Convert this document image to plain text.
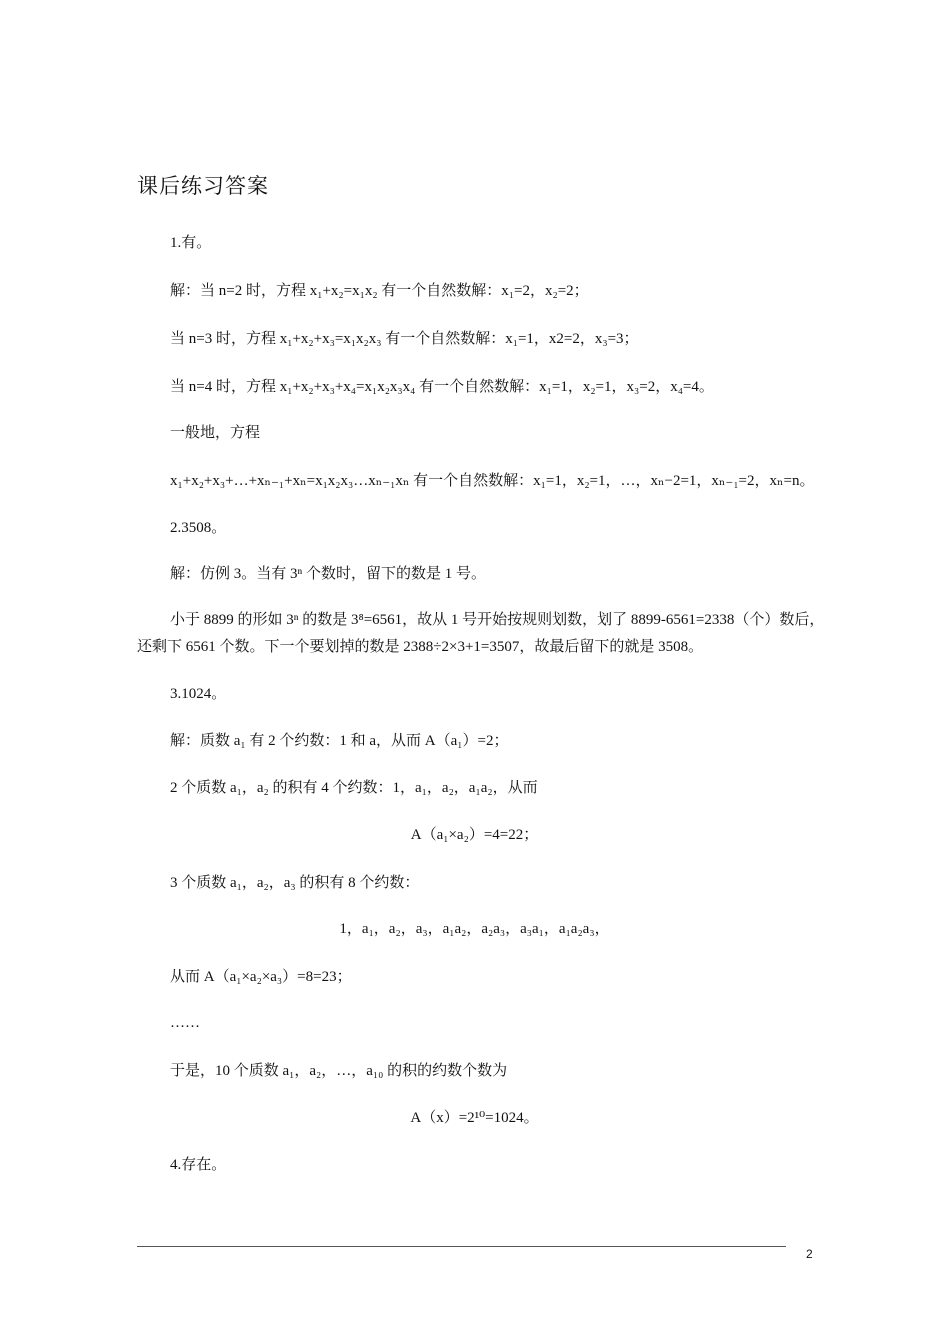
课后练习答案
1.有。
解：当 n=2 时，方程 x₁+x₂=x₁x₂ 有一个自然数解：x₁=2，x₂=2；
当 n=3 时，方程 x₁+x₂+x₃=x₁x₂x₃ 有一个自然数解：x₁=1，x2=2，x₃=3；
当 n=4 时，方程 x₁+x₂+x₃+x₄=x₁x₂x₃x₄ 有一个自然数解：x₁=1，x₂=1，x₃=2，x₄=4。
一般地，方程
x₁+x₂+x₃+…+xₙ₋₁+xₙ=x₁x₂x₃…xₙ₋₁xₙ 有一个自然数解：x₁=1，x₂=1，…，xₙ−2=1，xₙ₋₁=2，xₙ=n。
2.3508。
解：仿例 3。当有 3ⁿ 个数时，留下的数是 1 号。
小于 8899 的形如 3ⁿ 的数是 3⁸=6561，故从 1 号开始按规则划数，划了 8899-6561=2338（个）数后，还剩下 6561 个数。下一个要划掉的数是 2388÷2×3+1=3507，故最后留下的就是 3508。
3.1024。
解：质数 a₁ 有 2 个约数：1 和 a，从而 A（a₁）=2；
2 个质数 a₁，a₂ 的积有 4 个约数：1，a₁，a₂，a₁a₂，从而
A（a₁×a₂）=4=22；
3 个质数 a₁，a₂，a₃ 的积有 8 个约数：
1，a₁，a₂，a₃，a₁a₂，a₂a₃，a₃a₁，a₁a₂a₃，
从而 A（a₁×a₂×a₃）=8=23；
……
于是，10 个质数 a₁，a₂，…，a₁₀ 的积的约数个数为
A（x）=2¹⁰=1024。
4.存在。
2
